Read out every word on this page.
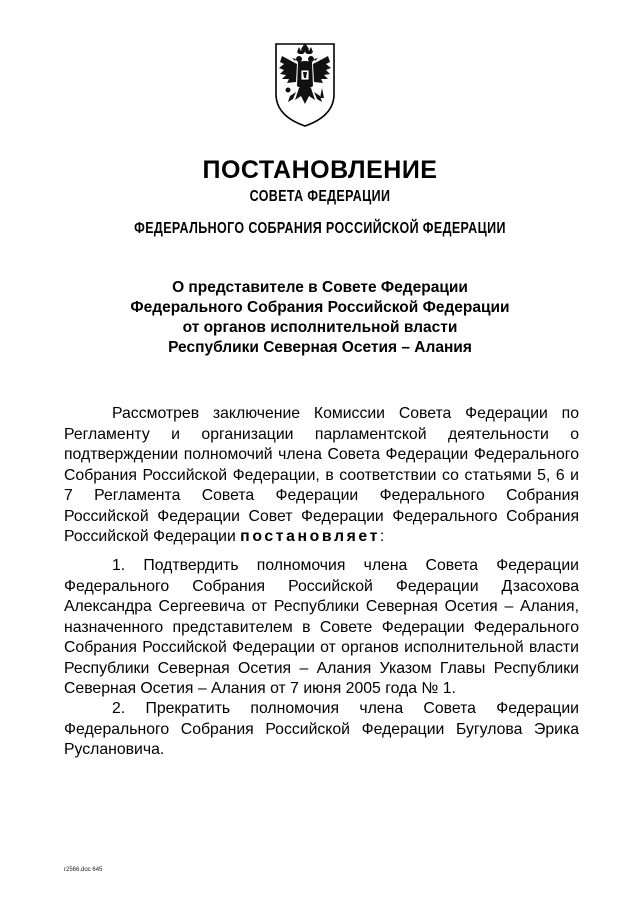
ПОСТАНОВЛЕНИЕ
СОВЕТА ФЕДЕРАЦИИ
ФЕДЕРАЛЬНОГО СОБРАНИЯ РОССИЙСКОЙ ФЕДЕРАЦИИ
О представителе в Совете Федерации
Федерального Собрания Российской Федерации
от органов исполнительной власти
Республики Северная Осетия – Алания
Рассмотрев заключение Комиссии Совета Федерации по Регламенту и организации парламентской деятельности о подтверждении полномочий члена Совета Федерации Федерального Собрания Российской Федерации, в соответствии со статьями 5, 6 и 7 Регламента Совета Федерации Федерального Собрания Российской Федерации Совет Федерации Федерального Собрания Российской Федерации постановляет:
1. Подтвердить полномочия члена Совета Федерации Федерального Собрания Российской Федерации Дзасохова Александра Сергеевича от Республики Северная Осетия – Алания, назначенного представителем в Совете Федерации Федерального Собрания Российской Федерации от органов исполнительной власти Республики Северная Осетия – Алания Указом Главы Республики Северная Осетия – Алания от 7 июня 2005 года № 1.
2. Прекратить полномочия члена Совета Федерации Федерального Собрания Российской Федерации Бугулова Эрика Руслановича.
r2566.doc 645
